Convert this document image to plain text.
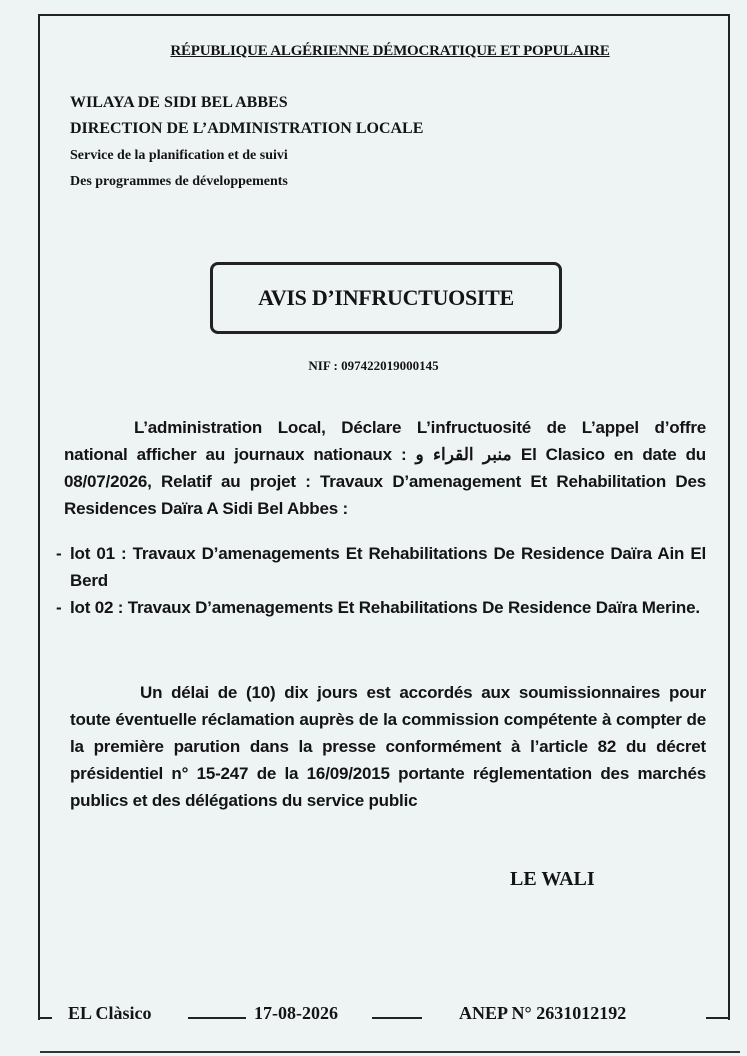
RÉPUBLIQUE ALGÉRIENNE DÉMOCRATIQUE ET POPULAIRE
WILAYA DE SIDI BEL ABBES
DIRECTION DE L’ADMINISTRATION LOCALE
Service de la planification et de suivi
Des programmes de développements
AVIS D’INFRUCTUOSITE
NIF : 097422019000145
L’administration Local, Déclare L’infructuosité de L’appel d’offre national afficher au journaux nationaux : منبر القراء و El Clasico en date du 08/07/2026, Relatif au projet : Travaux D’amenagement Et Rehabilitation Des Residences Daïra A Sidi Bel Abbes :
- lot 01 : Travaux D’amenagements Et Rehabilitations De Residence Daïra Ain El Berd
- lot 02 : Travaux D’amenagements Et Rehabilitations De Residence Daïra Merine.
Un délai de (10) dix jours est accordés aux soumissionnaires pour toute éventuelle réclamation auprès de la commission compétente à compter de la première parution dans la presse conformément à l’article 82 du décret présidentiel n° 15-247 de la 16/09/2015 portante réglementation des marchés publics et des délégations du service public
LE WALI
EL Clàsico	17-08-2026	ANEP N° 2631012192
